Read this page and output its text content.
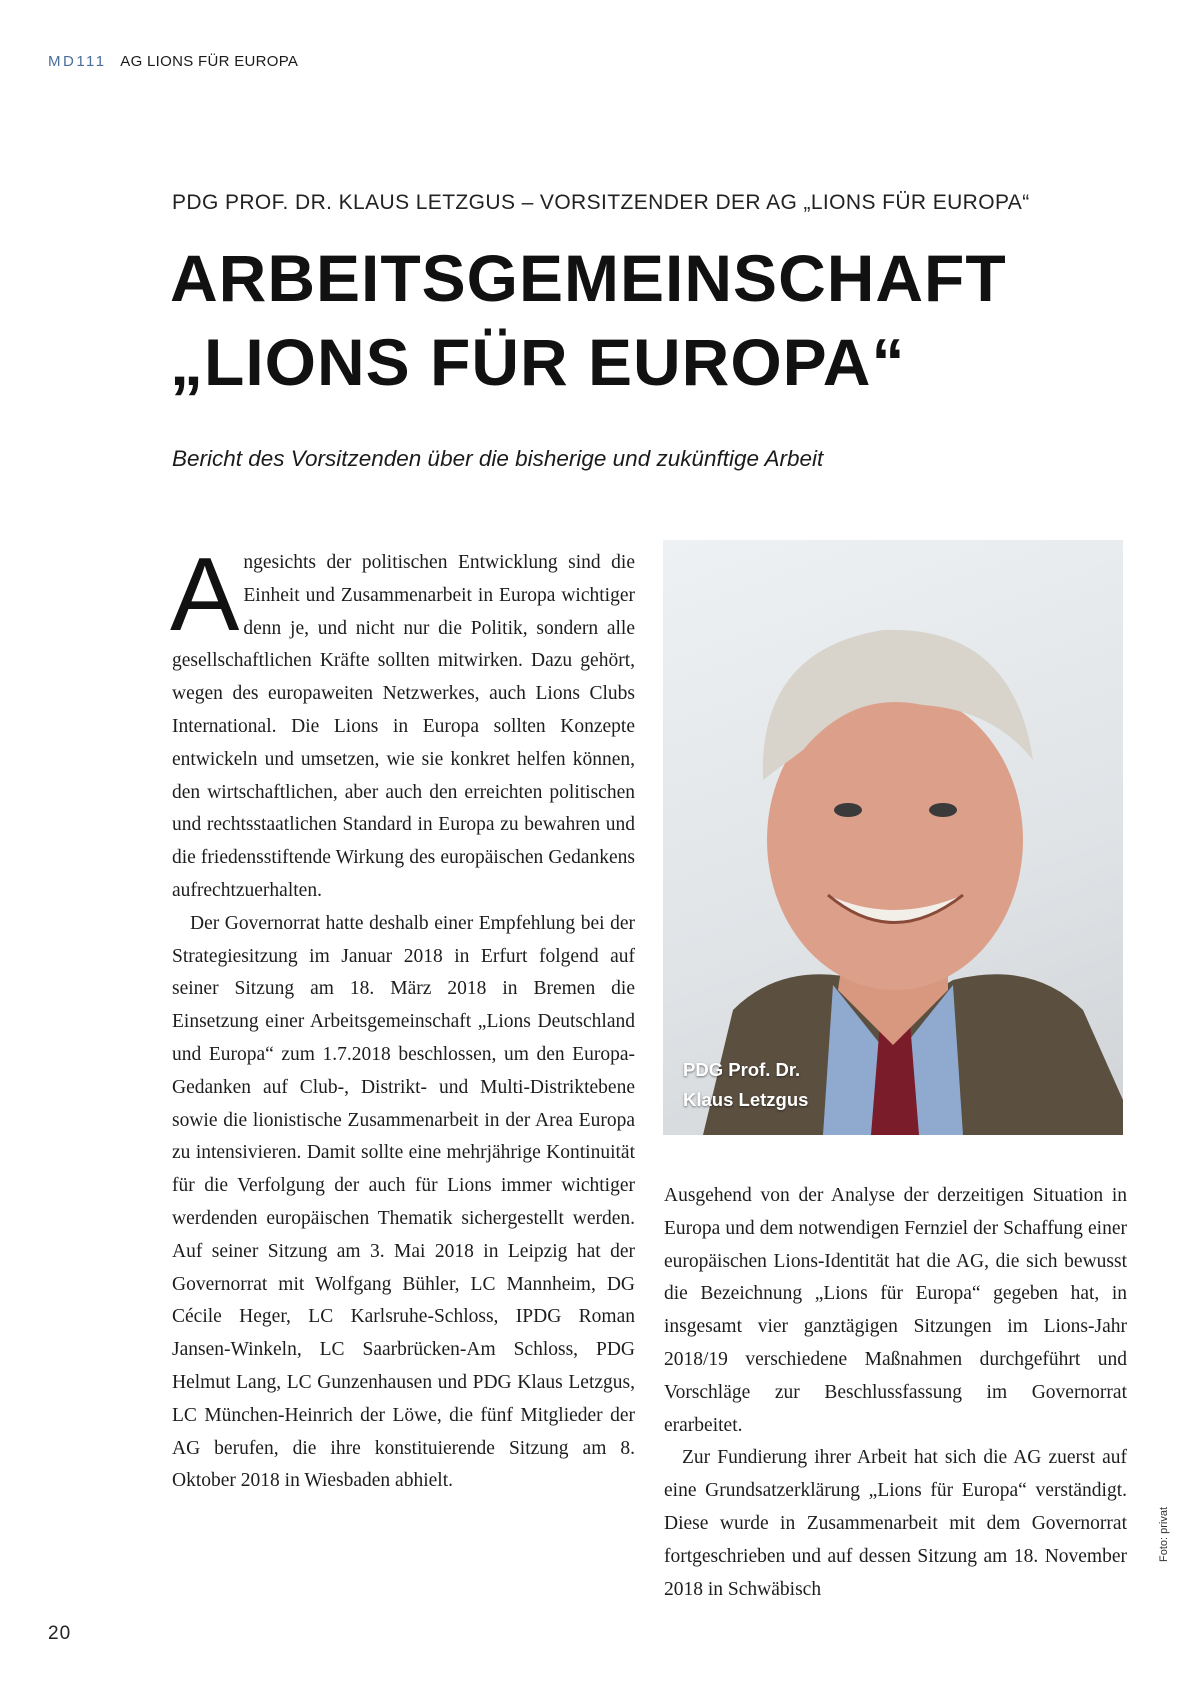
MD111 AG LIONS FÜR EUROPA
PDG PROF. DR. KLAUS LETZGUS – VORSITZENDER DER AG „LIONS FÜR EUROPA“
ARBEITSGEMEINSCHAFT
„LIONS FÜR EUROPA“
Bericht des Vorsitzenden über die bisherige und zukünftige Arbeit

Angesichts der politischen Entwicklung sind die Einheit und Zusammenarbeit in Europa wichtiger denn je, und nicht nur die Politik, sondern alle gesellschaftlichen Kräfte sollten mitwirken. Dazu gehört, wegen des europaweiten Netzwerkes, auch Lions Clubs International. Die Lions in Europa sollten Konzepte entwickeln und umsetzen, wie sie konkret helfen können, den wirtschaftlichen, aber auch den erreichten politischen und rechtsstaatlichen Standard in Europa zu bewahren und die friedensstiftende Wirkung des europäischen Gedankens aufrechtzuerhalten.

Der Governorrat hatte deshalb einer Empfehlung bei der Strategiesitzung im Januar 2018 in Erfurt folgend auf seiner Sitzung am 18. März 2018 in Bremen die Einsetzung einer Arbeitsgemeinschaft „Lions Deutschland und Europa“ zum 1.7.2018 beschlossen, um den Europa-Gedanken auf Club-, Distrikt- und Multi-Distriktebene sowie die lionistische Zusammenarbeit in der Area Europa zu intensivieren. Damit sollte eine mehrjährige Kontinuität für die Verfolgung der auch für Lions immer wichtiger werdenden europäischen Thematik sichergestellt werden. Auf seiner Sitzung am 3. Mai 2018 in Leipzig hat der Governorrat mit Wolfgang Bühler, LC Mannheim, DG Cécile Heger, LC Karlsruhe-Schloss, IPDG Roman Jansen-Winkeln, LC Saarbrücken-Am Schloss, PDG Helmut Lang, LC Gunzenhausen und PDG Klaus Letzgus, LC München-Heinrich der Löwe, die fünf Mitglieder der AG berufen, die ihre konstituierende Sitzung am 8. Oktober 2018 in Wiesbaden abhielt.

PDG Prof. Dr.
Klaus Letzgus

Ausgehend von der Analyse der derzeitigen Situation in Europa und dem notwendigen Fernziel der Schaffung einer europäischen Lions-Identität hat die AG, die sich bewusst die Bezeichnung „Lions für Europa“ gegeben hat, in insgesamt vier ganztägigen Sitzungen im Lions-Jahr 2018/19 verschiedene Maßnahmen durchgeführt und Vorschläge zur Beschlussfassung im Governorrat erarbeitet.

Zur Fundierung ihrer Arbeit hat sich die AG zuerst auf eine Grundsatzerklärung „Lions für Europa“ verständigt. Diese wurde in Zusammenarbeit mit dem Governorrat fortgeschrieben und auf dessen Sitzung am 18. November 2018 in Schwäbisch

Foto: privat
20
